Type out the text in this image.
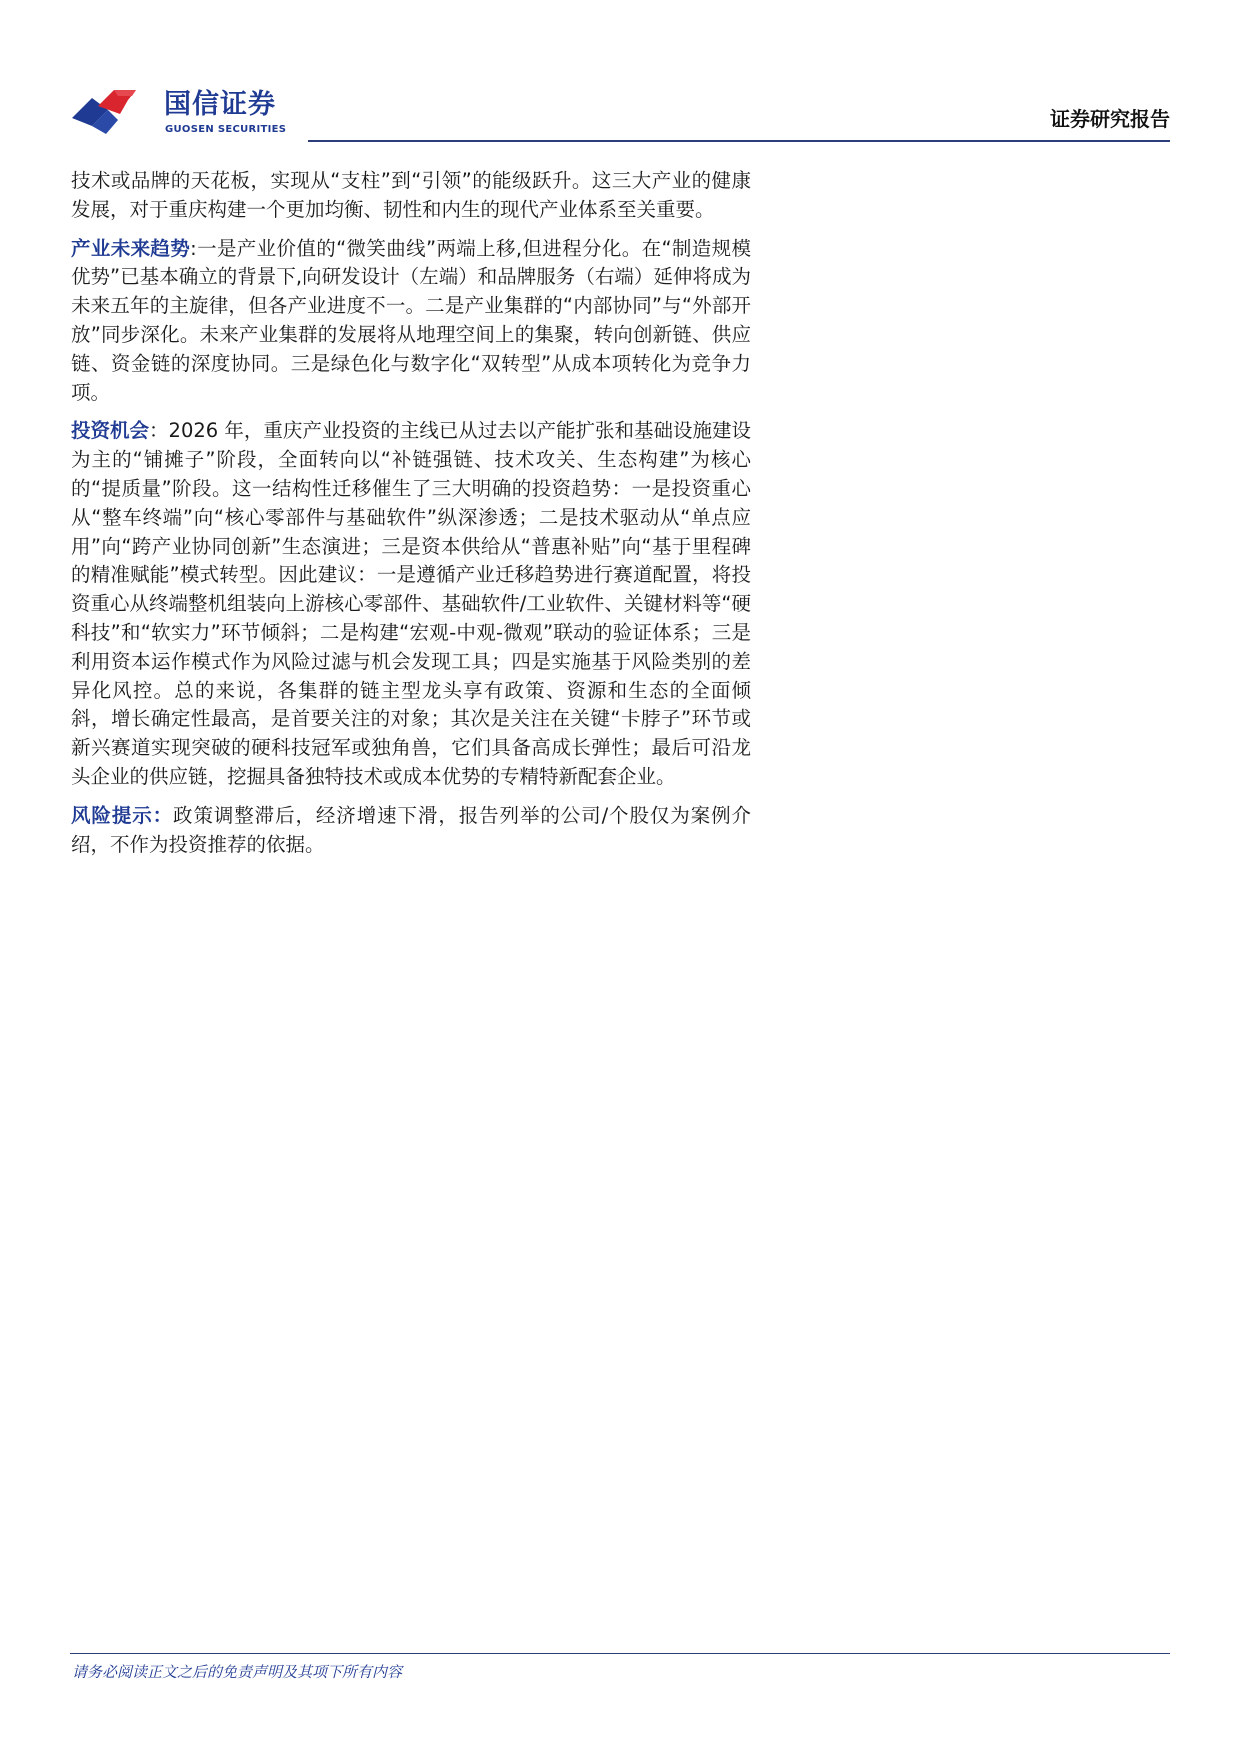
国信证券
GUOSEN SECURITIES	证券研究报告

技术或品牌的天花板，实现从“支柱”到“引领”的能级跃升。这三大产业的健康发展，对于重庆构建一个更加均衡、韧性和内生的现代产业体系至关重要。

产业未来趋势:一是产业价值的“微笑曲线”两端上移,但进程分化。在“制造规模优势”已基本确立的背景下,向研发设计（左端）和品牌服务（右端）延伸将成为未来五年的主旋律，但各产业进度不一。二是产业集群的“内部协同”与“外部开放”同步深化。未来产业集群的发展将从地理空间上的集聚，转向创新链、供应链、资金链的深度协同。三是绿色化与数字化“双转型”从成本项转化为竞争力项。

投资机会：2026 年，重庆产业投资的主线已从过去以产能扩张和基础设施建设为主的“铺摊子”阶段，全面转向以“补链强链、技术攻关、生态构建”为核心的“提质量”阶段。这一结构性迁移催生了三大明确的投资趋势：一是投资重心从“整车终端”向“核心零部件与基础软件”纵深渗透；二是技术驱动从“单点应用”向“跨产业协同创新”生态演进；三是资本供给从“普惠补贴”向“基于里程碑的精准赋能”模式转型。因此建议：一是遵循产业迁移趋势进行赛道配置，将投资重心从终端整机组装向上游核心零部件、基础软件/工业软件、关键材料等“硬科技”和“软实力”环节倾斜；二是构建“宏观-中观-微观”联动的验证体系；三是利用资本运作模式作为风险过滤与机会发现工具；四是实施基于风险类别的差异化风控。总的来说，各集群的链主型龙头享有政策、资源和生态的全面倾斜，增长确定性最高，是首要关注的对象；其次是关注在关键“卡脖子”环节或新兴赛道实现突破的硬科技冠军或独角兽，它们具备高成长弹性；最后可沿龙头企业的供应链，挖掘具备独特技术或成本优势的专精特新配套企业。

风险提示：政策调整滞后，经济增速下滑，报告列举的公司/个股仅为案例介绍，不作为投资推荐的依据。

请务必阅读正文之后的免责声明及其项下所有内容
